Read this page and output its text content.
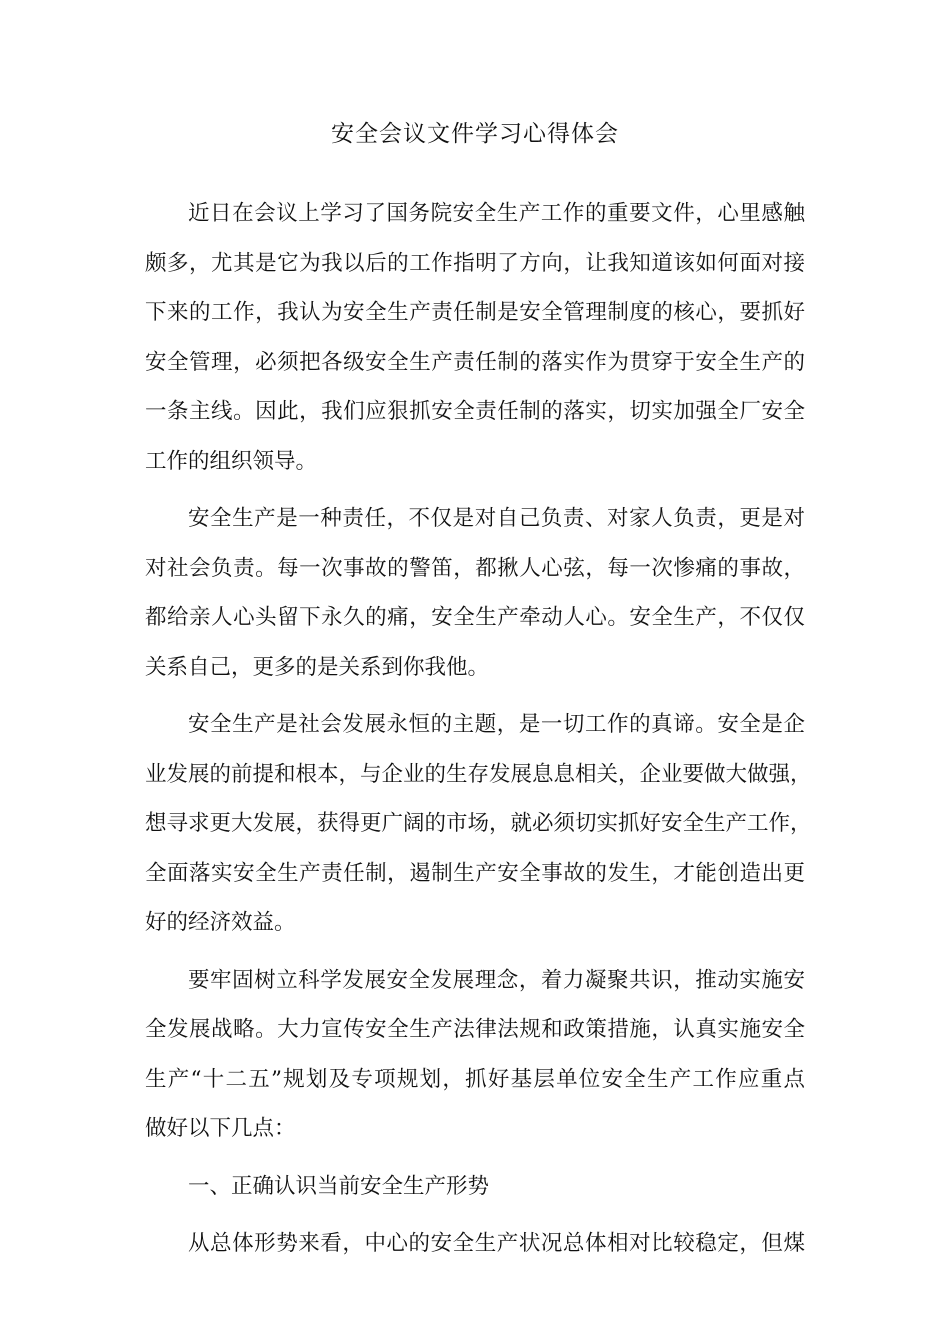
安全会议文件学习心得体会
近日在会议上学习了国务院安全生产工作的重要文件，心里感触
颇多，尤其是它为我以后的工作指明了方向，让我知道该如何面对接
下来的工作，我认为安全生产责任制是安全管理制度的核心，要抓好
安全管理，必须把各级安全生产责任制的落实作为贯穿于安全生产的
一条主线。因此，我们应狠抓安全责任制的落实，切实加强全厂安全
工作的组织领导。
安全生产是一种责任，不仅是对自己负责、对家人负责，更是对
对社会负责。每一次事故的警笛，都揪人心弦，每一次惨痛的事故，
都给亲人心头留下永久的痛，安全生产牵动人心。安全生产，不仅仅
关系自己，更多的是关系到你我他。
安全生产是社会发展永恒的主题，是一切工作的真谛。安全是企
业发展的前提和根本，与企业的生存发展息息相关，企业要做大做强，
想寻求更大发展，获得更广阔的市场，就必须切实抓好安全生产工作，
全面落实安全生产责任制，遏制生产安全事故的发生，才能创造出更
好的经济效益。
要牢固树立科学发展安全发展理念，着力凝聚共识，推动实施安
全发展战略。大力宣传安全生产法律法规和政策措施，认真实施安全
生产“十二五”规划及专项规划，抓好基层单位安全生产工作应重点
做好以下几点：
一、正确认识当前安全生产形势
从总体形势来看，中心的安全生产状况总体相对比较稳定，但煤
